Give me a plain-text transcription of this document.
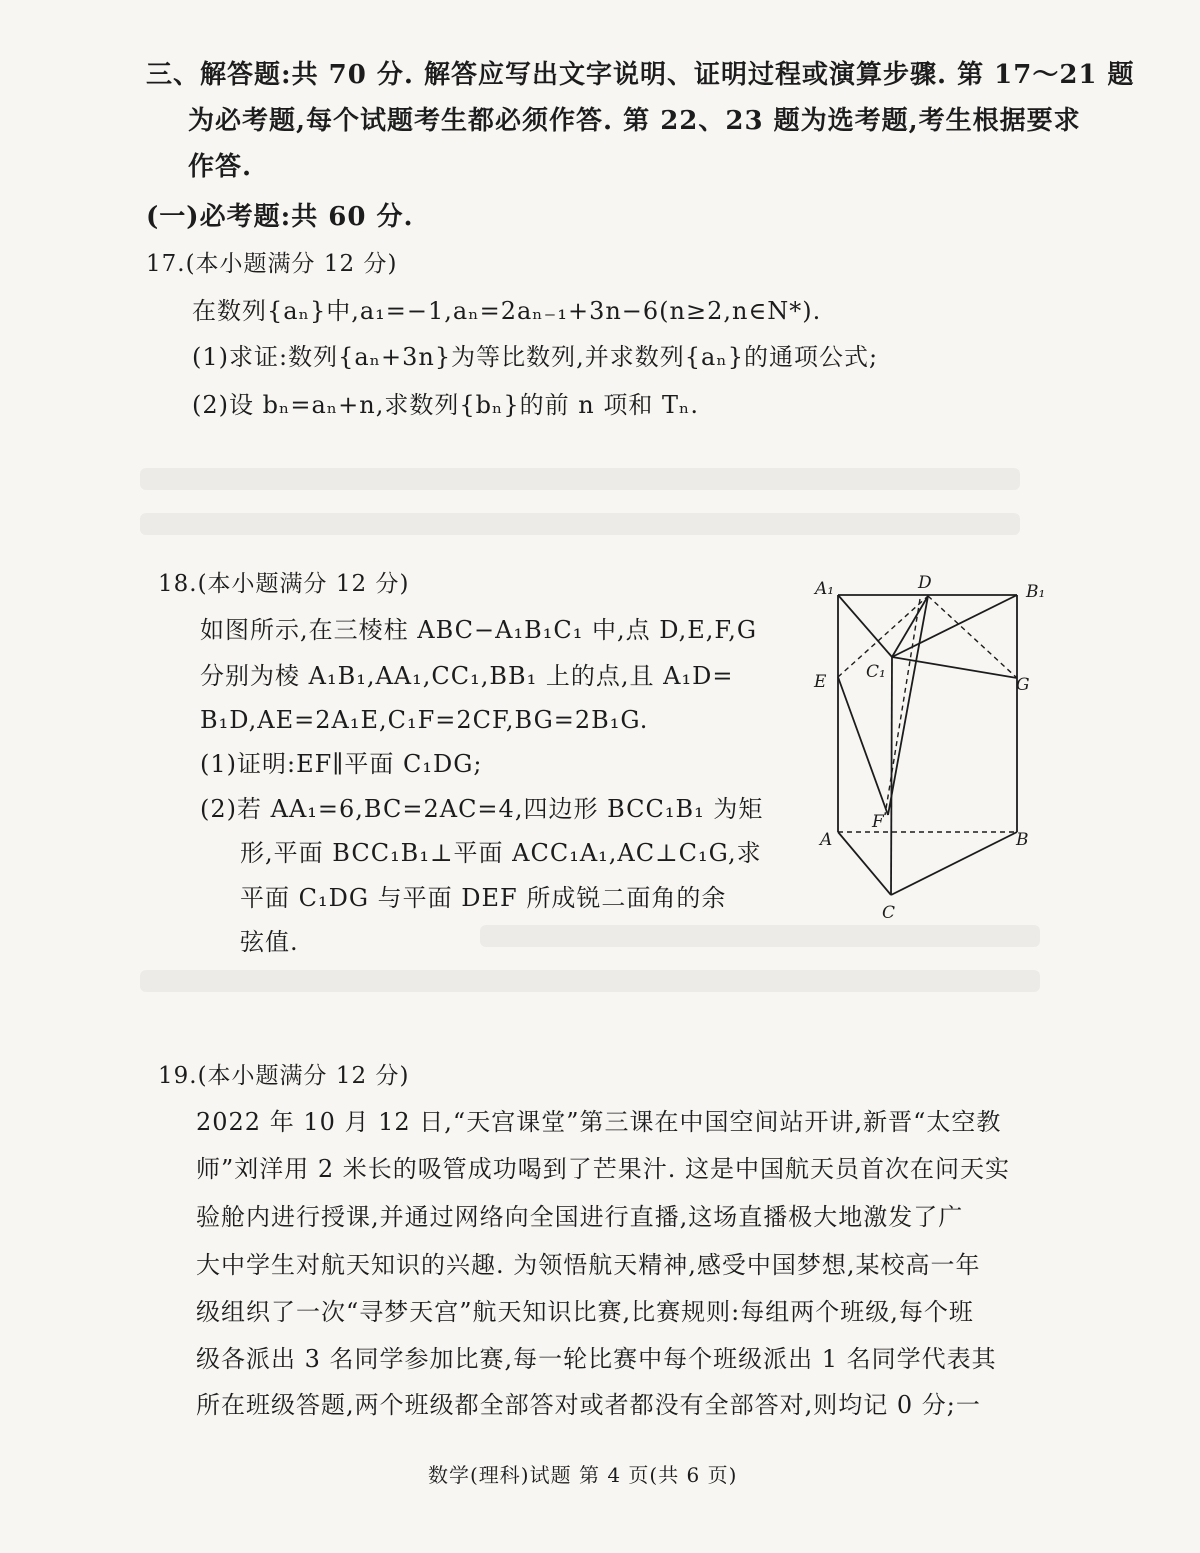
三、解答题:共 70 分. 解答应写出文字说明、证明过程或演算步骤. 第 17～21 题
为必考题,每个试题考生都必须作答. 第 22、23 题为选考题,考生根据要求
作答.
(一)必考题:共 60 分.
17.(本小题满分 12 分)
在数列{aₙ}中,a₁=−1,aₙ=2aₙ₋₁+3n−6(n≥2,n∈N*).
(1)求证:数列{aₙ+3n}为等比数列,并求数列{aₙ}的通项公式;
(2)设 bₙ=aₙ+n,求数列{bₙ}的前 n 项和 Tₙ.
18.(本小题满分 12 分)
如图所示,在三棱柱 ABC−A₁B₁C₁ 中,点 D,E,F,G
分别为棱 A₁B₁,AA₁,CC₁,BB₁ 上的点,且 A₁D=
B₁D,AE=2A₁E,C₁F=2CF,BG=2B₁G.
(1)证明:EF∥平面 C₁DG;
(2)若 AA₁=6,BC=2AC=4,四边形 BCC₁B₁ 为矩
形,平面 BCC₁B₁⊥平面 ACC₁A₁,AC⊥C₁G,求
平面 C₁DG 与平面 DEF 所成锐二面角的余
弦值.
A₁	D	B₁
E C₁
G
F
A	B
C
19.(本小题满分 12 分)
2022 年 10 月 12 日,“天宫课堂”第三课在中国空间站开讲,新晋“太空教
师”刘洋用 2 米长的吸管成功喝到了芒果汁. 这是中国航天员首次在问天实
验舱内进行授课,并通过网络向全国进行直播,这场直播极大地激发了广
大中学生对航天知识的兴趣. 为领悟航天精神,感受中国梦想,某校高一年
级组织了一次“寻梦天宫”航天知识比赛,比赛规则:每组两个班级,每个班
级各派出 3 名同学参加比赛,每一轮比赛中每个班级派出 1 名同学代表其
所在班级答题,两个班级都全部答对或者都没有全部答对,则均记 0 分;一
数学(理科)试题 第 4 页(共 6 页)
